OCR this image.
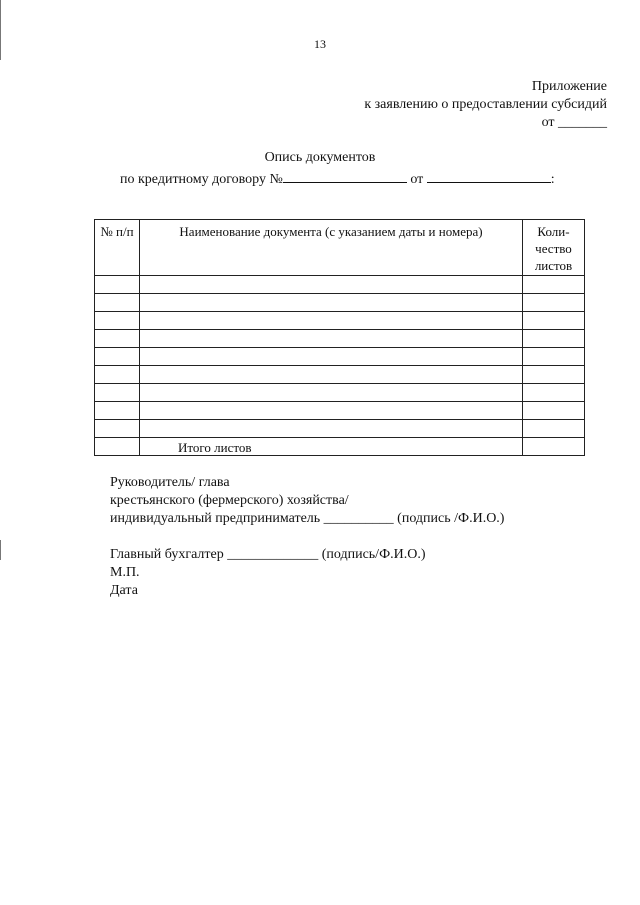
13
Приложение
к заявлению о предоставлении субсидий
от _______
Опись документов
по кредитному договору №	от	:
№ п/п	Наименование документа (с указанием даты и номера)	Коли- чество листов

	Итого листов	

Руководитель/ глава
крестьянского (фермерского) хозяйства/
индивидуальный предприниматель __________ (подпись /Ф.И.О.)
Главный бухгалтер _____________ (подпись/Ф.И.О.)
М.П.
Дата
